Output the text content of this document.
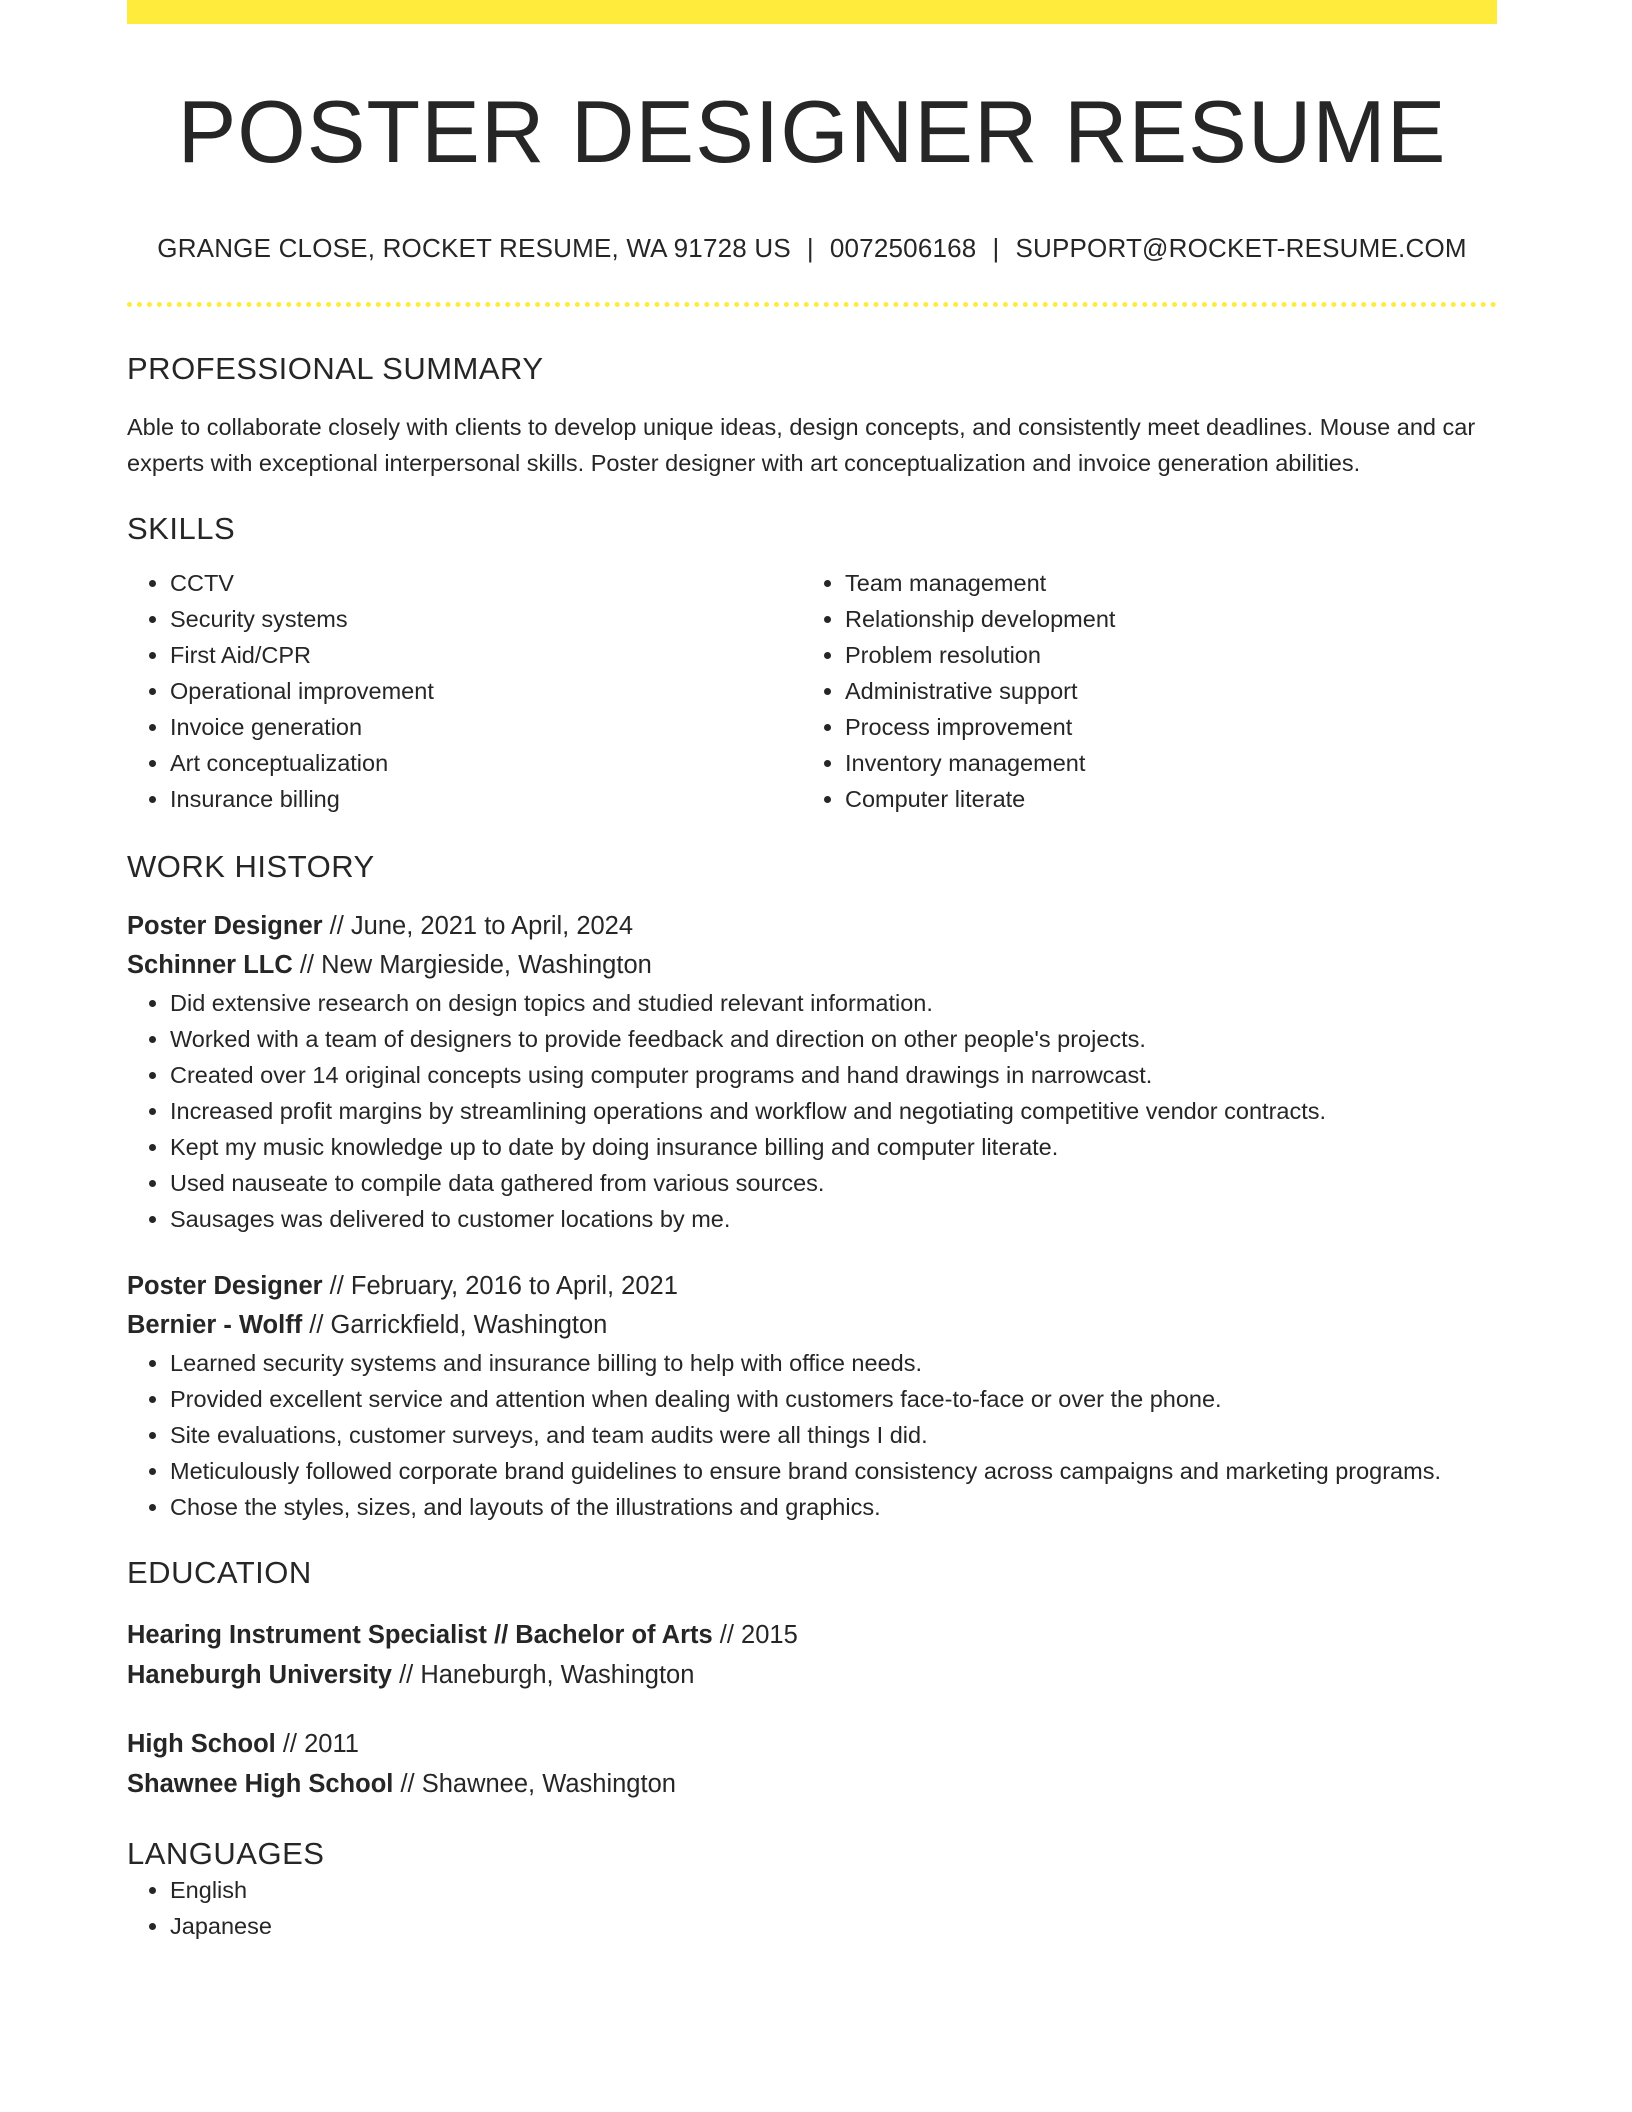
POSTER DESIGNER RESUME
GRANGE CLOSE, ROCKET RESUME, WA 91728 US | 0072506168 | SUPPORT@ROCKET-RESUME.COM
PROFESSIONAL SUMMARY

Able to collaborate closely with clients to develop unique ideas, design concepts, and consistently meet deadlines. Mouse and car experts with exceptional interpersonal skills. Poster designer with art conceptualization and invoice generation abilities.

SKILLS
• CCTV
• Security systems
• First Aid/CPR
• Operational improvement
• Invoice generation
• Art conceptualization
• Insurance billing
• Team management
• Relationship development
• Problem resolution
• Administrative support
• Process improvement
• Inventory management
• Computer literate
WORK HISTORY
Poster Designer // June, 2021 to April, 2024
Schinner LLC // New Margieside, Washington
• Did extensive research on design topics and studied relevant information.
• Worked with a team of designers to provide feedback and direction on other people's projects.
• Created over 14 original concepts using computer programs and hand drawings in narrowcast.
• Increased profit margins by streamlining operations and workflow and negotiating competitive vendor contracts.
• Kept my music knowledge up to date by doing insurance billing and computer literate.
• Used nauseate to compile data gathered from various sources.
• Sausages was delivered to customer locations by me.
Poster Designer // February, 2016 to April, 2021
Bernier - Wolff // Garrickfield, Washington
• Learned security systems and insurance billing to help with office needs.
• Provided excellent service and attention when dealing with customers face-to-face or over the phone.
• Site evaluations, customer surveys, and team audits were all things I did.
• Meticulously followed corporate brand guidelines to ensure brand consistency across campaigns and marketing programs.
• Chose the styles, sizes, and layouts of the illustrations and graphics.
EDUCATION
Hearing Instrument Specialist // Bachelor of Arts // 2015
Haneburgh University // Haneburgh, Washington
High School // 2011
Shawnee High School // Shawnee, Washington
LANGUAGES
• English
• Japanese
